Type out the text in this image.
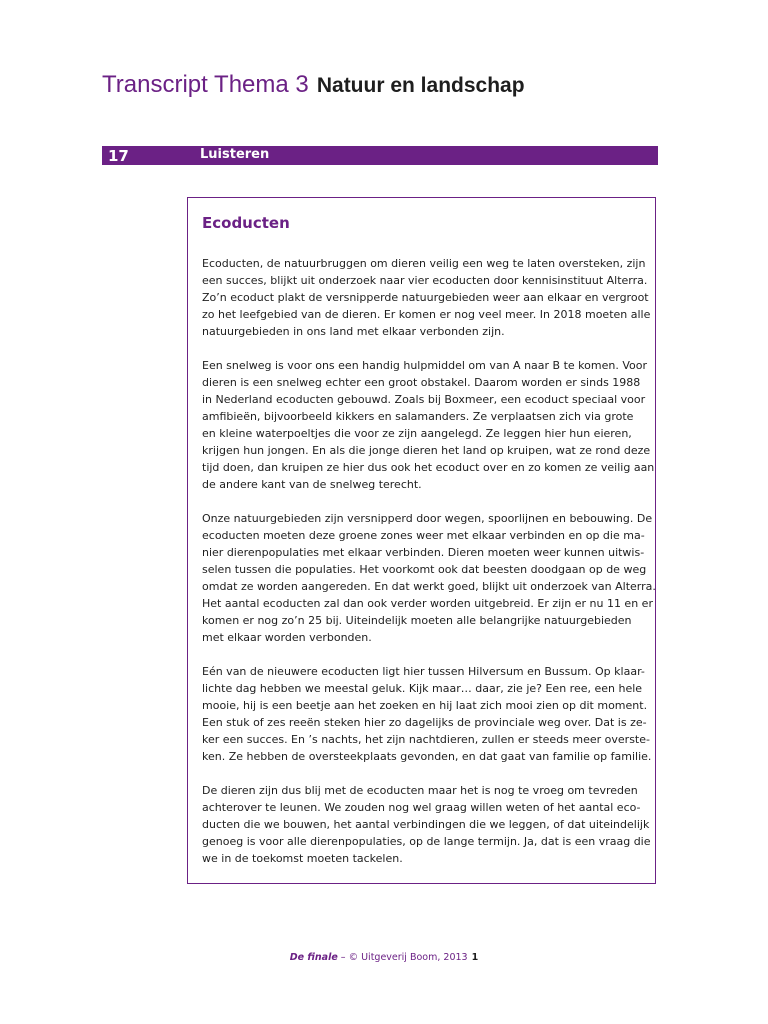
Transcript Thema 3 Natuur en landschap
17	Luisteren
Ecoducten

Ecoducten, de natuurbruggen om dieren veilig een weg te laten oversteken, zijn
een succes, blijkt uit onderzoek naar vier ecoducten door kennisinstituut Alterra.
Zo’n ecoduct plakt de versnipperde natuurgebieden weer aan elkaar en vergroot
zo het leefgebied van de dieren. Er komen er nog veel meer. In 2018 moeten alle
natuurgebieden in ons land met elkaar verbonden zijn.

Een snelweg is voor ons een handig hulpmiddel om van A naar B te komen. Voor
dieren is een snelweg echter een groot obstakel. Daarom worden er sinds 1988
in Nederland ecoducten gebouwd. Zoals bij Boxmeer, een ecoduct speciaal voor
amfibieën, bijvoorbeeld kikkers en salamanders. Ze verplaatsen zich via grote
en kleine waterpoeltjes die voor ze zijn aangelegd. Ze leggen hier hun eieren,
krijgen hun jongen. En als die jonge dieren het land op kruipen, wat ze rond deze
tijd doen, dan kruipen ze hier dus ook het ecoduct over en zo komen ze veilig aan
de andere kant van de snelweg terecht.

Onze natuurgebieden zijn versnipperd door wegen, spoorlijnen en bebouwing. De
ecoducten moeten deze groene zones weer met elkaar verbinden en op die ma-
nier dierenpopulaties met elkaar verbinden. Dieren moeten weer kunnen uitwis-
selen tussen die populaties. Het voorkomt ook dat beesten doodgaan op de weg
omdat ze worden aangereden. En dat werkt goed, blijkt uit onderzoek van Alterra.
Het aantal ecoducten zal dan ook verder worden uitgebreid. Er zijn er nu 11 en er
komen er nog zo’n 25 bij. Uiteindelijk moeten alle belangrijke natuurgebieden
met elkaar worden verbonden.

Eén van de nieuwere ecoducten ligt hier tussen Hilversum en Bussum. Op klaar-
lichte dag hebben we meestal geluk. Kijk maar… daar, zie je? Een ree, een hele
mooie, hij is een beetje aan het zoeken en hij laat zich mooi zien op dit moment.
Een stuk of zes reeën steken hier zo dagelijks de provinciale weg over. Dat is ze-
ker een succes. En ’s nachts, het zijn nachtdieren, zullen er steeds meer overste-
ken. Ze hebben de oversteekplaats gevonden, en dat gaat van familie op familie.

De dieren zijn dus blij met de ecoducten maar het is nog te vroeg om tevreden
achterover te leunen. We zouden nog wel graag willen weten of het aantal eco-
ducten die we bouwen, het aantal verbindingen die we leggen, of dat uiteindelijk
genoeg is voor alle dierenpopulaties, op de lange termijn. Ja, dat is een vraag die
we in de toekomst moeten tackelen.

De finale – © Uitgeverij Boom, 2013 1
